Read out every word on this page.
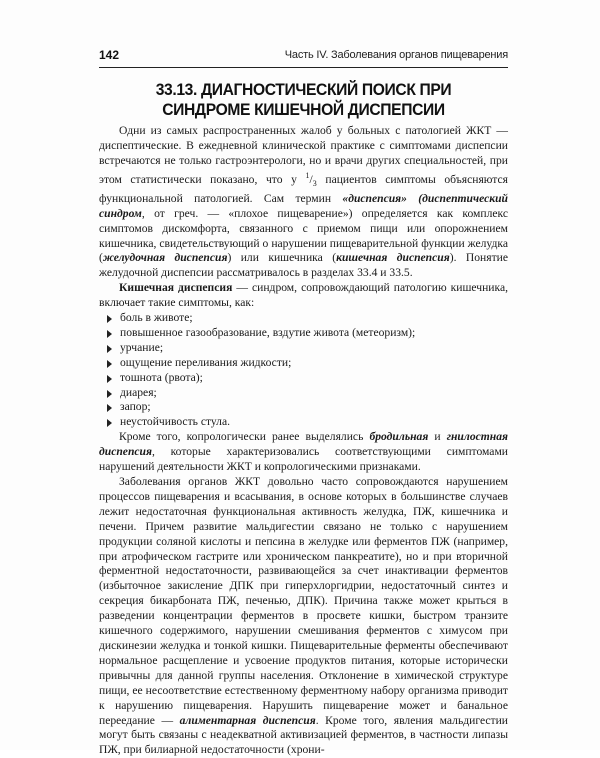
142	Часть IV. Заболевания органов пищеварения
33.13. ДИАГНОСТИЧЕСКИЙ ПОИСК ПРИ СИНДРОМЕ КИШЕЧНОЙ ДИСПЕПСИИ

Одни из самых распространенных жалоб у больных с патологией ЖКТ — диспептические. В ежедневной клинической практике с симптомами диспепсии встречаются не только гастроэнтерологи, но и врачи других специальностей, при этом статистически показано, что у $^1/_3$ пациентов симптомы объясняются функциональной патологией. Сам термин «диспепсия» (диспептический синдром, от греч. — «плохое пищеварение») определяется как комплекс симптомов дискомфорта, связанного с приемом пищи или опорожнением кишечника, свидетельствующий о нарушении пищеварительной функции желудка (желудочная диспепсия) или кишечника (кишечная диспепсия). Понятие желудочной диспепсии рассматривалось в разделах 33.4 и 33.5.

Кишечная диспепсия — синдром, сопровождающий патологию кишечника, включает такие симптомы, как:

боль в животе;
повышенное газообразование, вздутие живота (метеоризм);
урчание;
ощущение переливания жидкости;
тошнота (рвота);
диарея;
запор;
неустойчивость стула.

Кроме того, копрологически ранее выделялись бродильная и гнилостная диспепсия, которые характеризовались соответствующими симптомами нарушений деятельности ЖКТ и копрологическими признаками.

Заболевания органов ЖКТ довольно часто сопровождаются нарушением процессов пищеварения и всасывания, в основе которых в большинстве случаев лежит недостаточная функциональная активность желудка, ПЖ, кишечника и печени. Причем развитие мальдигестии связано не только с нарушением продукции соляной кислоты и пепсина в желудке или ферментов ПЖ (например, при атрофическом гастрите или хроническом панкреатите), но и при вторичной ферментной недостаточности, развивающейся за счет инактивации ферментов (избыточное закисление ДПК при гиперхлоргидрии, недостаточный синтез и секреция бикарбоната ПЖ, печенью, ДПК). Причина также может крыться в разведении концентрации ферментов в просвете кишки, быстром транзите кишечного содержимого, нарушении смешивания ферментов с химусом при дискинезии желудка и тонкой кишки. Пищеварительные ферменты обеспечивают нормальное расщепление и усвоение продуктов питания, которые исторически привычны для данной группы населения. Отклонение в химической структуре пищи, ее несоответствие естественному ферментному набору организма приводит к нарушению пищеварения. Нарушить пищеварение может и банальное переедание — алиментарная диспепсия. Кроме того, явления мальдигестии могут быть связаны с неадекватной активизацией ферментов, в частности липазы ПЖ, при билиарной недостаточности (хрони-
